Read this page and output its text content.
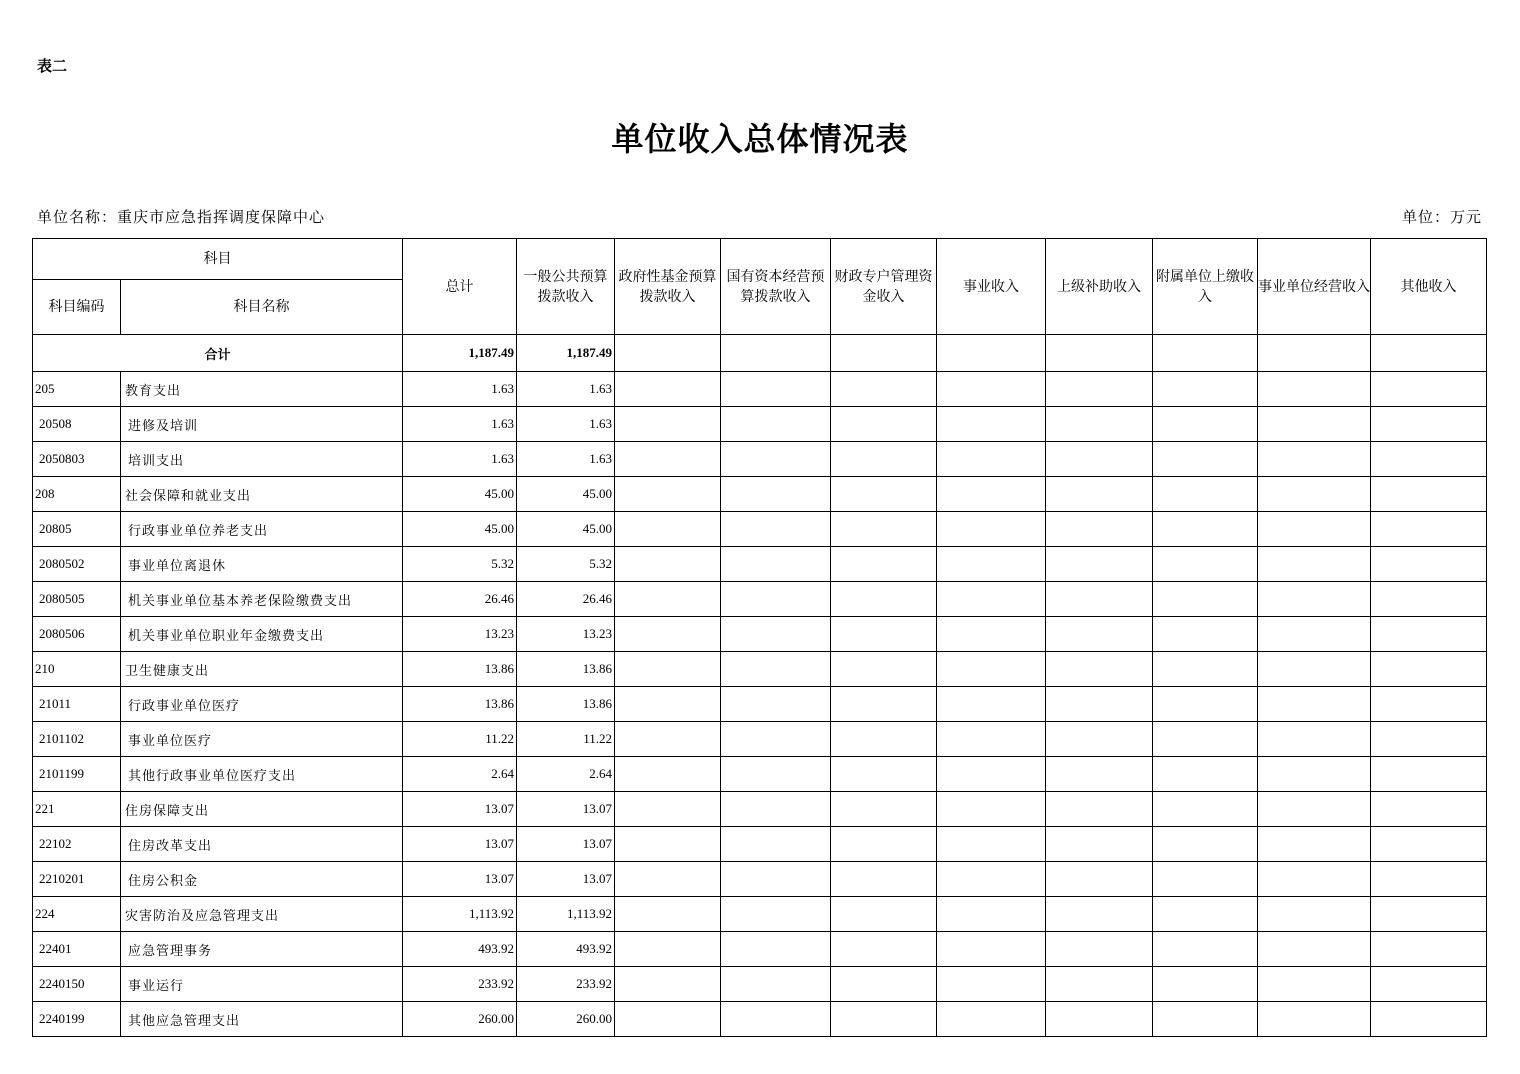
表二
单位收入总体情况表
单位名称：重庆市应急指挥调度保障中心	单位：万元
科目		总计	一般公共预算拨款收入	政府性基金预算拨款收入	国有资本经营预算拨款收入	财政专户管理资金收入	事业收入	上级补助收入	附属单位上缴收入	事业单位经营收入	其他收入
科目编码	科目名称										
合计		1,187.49	1,187.49								
205	教育支出	1.63	1.63								
20508	进修及培训	1.63	1.63								
2050803	培训支出	1.63	1.63								
208	社会保障和就业支出	45.00	45.00								
20805	行政事业单位养老支出	45.00	45.00								
2080502	事业单位离退休	5.32	5.32								
2080505	机关事业单位基本养老保险缴费支出	26.46	26.46								
2080506	机关事业单位职业年金缴费支出	13.23	13.23								
210	卫生健康支出	13.86	13.86								
21011	行政事业单位医疗	13.86	13.86								
2101102	事业单位医疗	11.22	11.22								
2101199	其他行政事业单位医疗支出	2.64	2.64								
221	住房保障支出	13.07	13.07								
22102	住房改革支出	13.07	13.07								
2210201	住房公积金	13.07	13.07								
224	灾害防治及应急管理支出	1,113.92	1,113.92								
22401	应急管理事务	493.92	493.92								
2240150	事业运行	233.92	233.92								
2240199	其他应急管理支出	260.00	260.00								
